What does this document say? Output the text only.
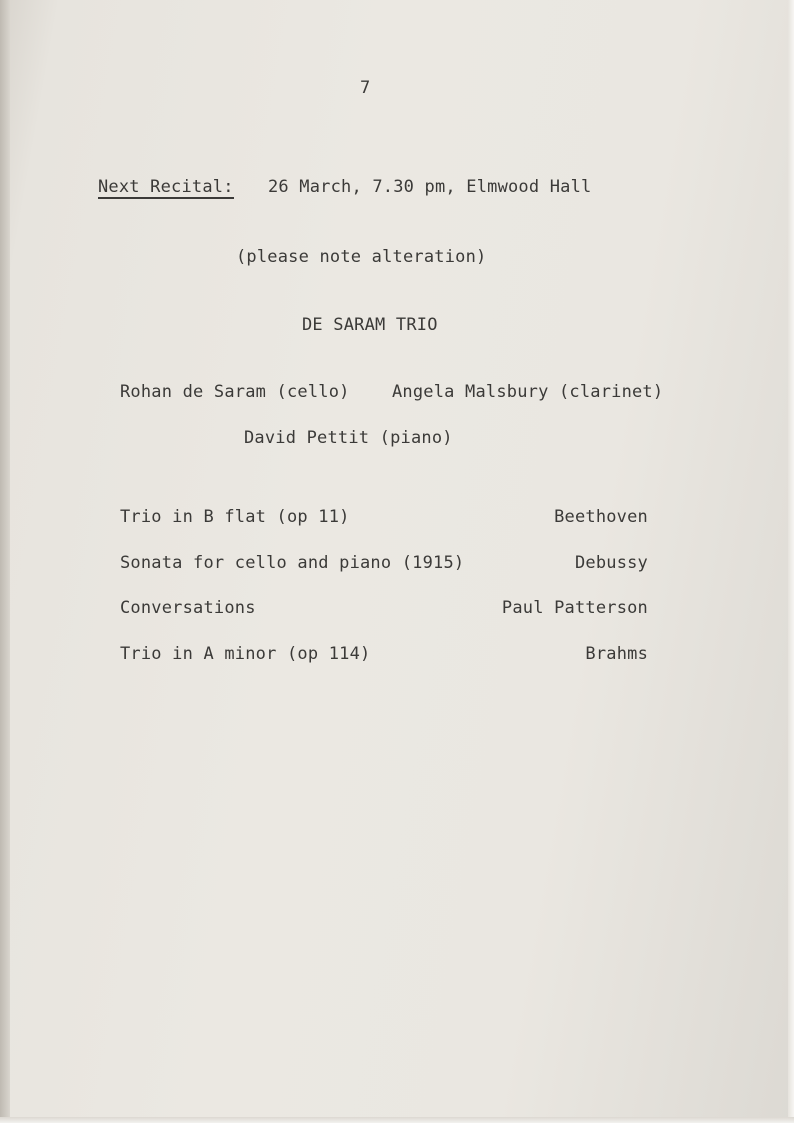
7
Next Recital: 26 March, 7.30 pm, Elmwood Hall
(please note alteration)
DE SARAM TRIO
Rohan de Saram (cello) Angela Malsbury (clarinet)
David Pettit (piano)
Trio in B flat (op 11)	Beethoven
Sonata for cello and piano (1915)	Debussy
Conversations	Paul Patterson
Trio in A minor (op 114)	Brahms
